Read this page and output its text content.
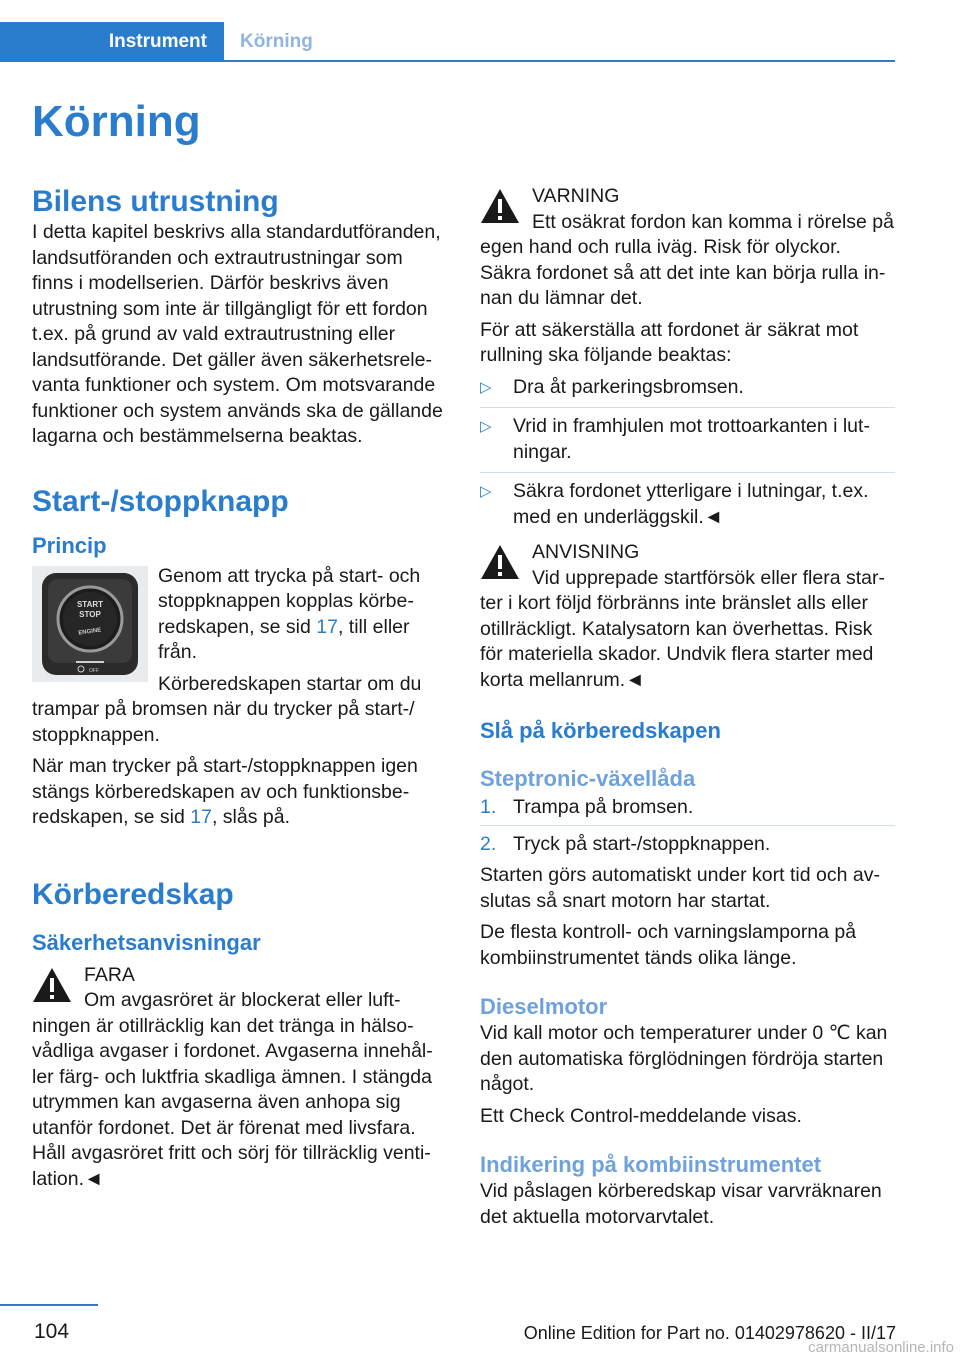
Instrument	Körning
Körning
Bilens utrustning

I detta kapitel beskrivs alla standardutföranden, landsutföranden och extrautrustningar som finns i modellserien. Därför beskrivs även utrustning som inte är tillgängligt för ett fordon t.ex. på grund av vald extrautrustning eller landsutförande. Det gäller även säkerhetsrelevanta funktioner och system. Om motsvarande funktioner och system används ska de gällande lagarna och bestämmelserna beaktas.

Start-/stoppknapp
Princip
START
STOP
ENGINE
OFF

Genom att trycka på start- och stoppknappen kopplas körberedskapen, se sid 17, till eller från.

Körberedskapen startar om du trampar på bromsen när du trycker på start-/ stoppknappen.

När man trycker på start-/stoppknappen igen stängs körberedskapen av och funktionsberedskapen, se sid 17, slås på.

Körberedskap
Säkerhetsanvisningar
FARA
Om avgasröret är blockerat eller luftningen är otillräcklig kan det tränga in hälsovådliga avgaser i fordonet. Avgaserna innehåller färg- och luktfria skadliga ämnen. I stängda utrymmen kan avgaserna även anhopa sig utanför fordonet. Det är förenat med livsfara. Håll avgasröret fritt och sörj för tillräcklig ventilation.◄
VARNING
Ett osäkrat fordon kan komma i rörelse på egen hand och rulla iväg. Risk för olyckor. Säkra fordonet så att det inte kan börja rulla innan du lämnar det.

För att säkerställa att fordonet är säkrat mot rullning ska följande beaktas:

▷ Dra åt parkeringsbromsen.
▷ Vrid in framhjulen mot trottoarkanten i lutningar.
▷ Säkra fordonet ytterligare i lutningar, t.ex. med en underläggskil.◄
ANVISNING
Vid upprepade startförsök eller flera starter i kort följd förbränns inte bränslet alls eller otillräckligt. Katalysatorn kan överhettas. Risk för materiella skador. Undvik flera starter med korta mellanrum.◄
Slå på körberedskapen
Steptronic-växellåda
1. Trampa på bromsen.
2. Tryck på start-/stoppknappen.

Starten görs automatiskt under kort tid och avslutas så snart motorn har startat.

De flesta kontroll- och varningslamporna på kombiinstrumentet tänds olika länge.

Dieselmotor

Vid kall motor och temperaturer under 0 ℃ kan den automatiska förglödningen fördröja starten något.

Ett Check Control-meddelande visas.

Indikering på kombiinstrumentet

Vid påslagen körberedskap visar varvräknaren det aktuella motorvarvtalet.

104	Online Edition for Part no. 01402978620 - II/17
carmanualsonline.info
